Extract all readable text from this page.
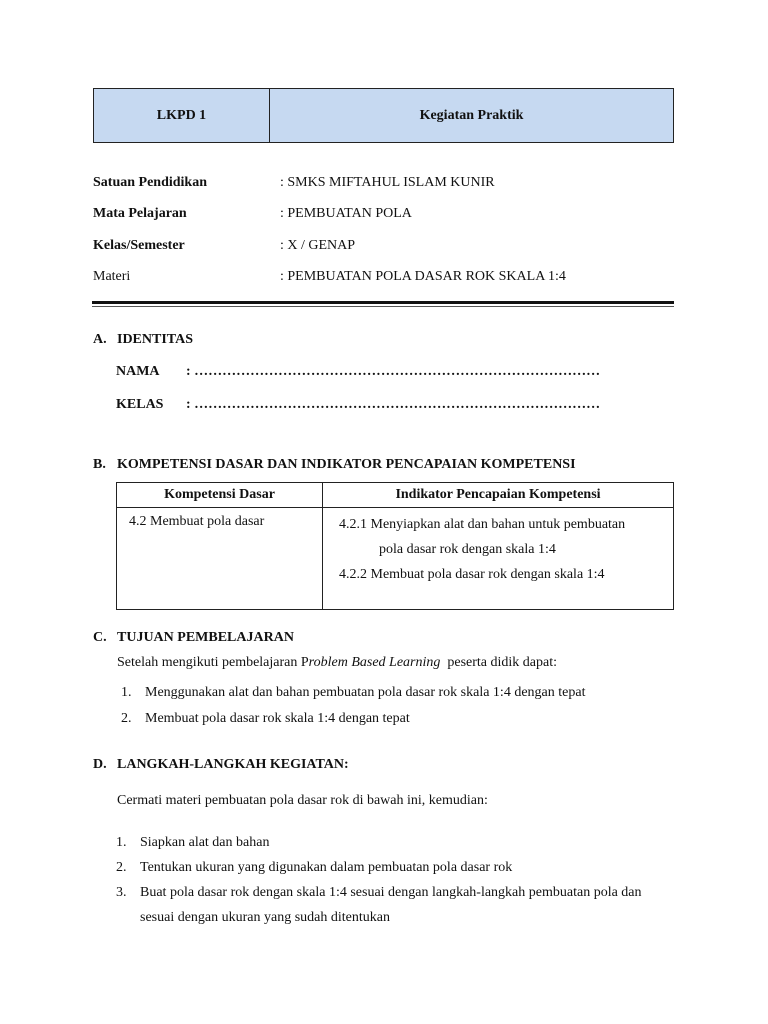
LKPD 1	Kegiatan Praktik
Satuan Pendidikan	: SMKS MIFTAHUL ISLAM KUNIR
Mata Pelajaran	: PEMBUATAN POLA
Kelas/Semester	: X / GENAP
Materi	: PEMBUATAN POLA DASAR ROK SKALA 1:4
A. IDENTITAS
NAMA : ……………………………………………………………………………
KELAS : ……………………………………………………………………………
B. KOMPETENSI DASAR DAN INDIKATOR PENCAPAIAN KOMPETENSI
Kompetensi Dasar	Indikator Pencapaian Kompetensi
4.2 Membuat pola dasar	4.2.1 Menyiapkan alat dan bahan untuk pembuatan
pola dasar rok dengan skala 1:4
4.2.2 Membuat pola dasar rok dengan skala 1:4
C. TUJUAN PEMBELAJARAN
Setelah mengikuti pembelajaran Problem Based Learning  peserta didik dapat:
1. Menggunakan alat dan bahan pembuatan pola dasar rok skala 1:4 dengan tepat
2. Membuat pola dasar rok skala 1:4 dengan tepat
D. LANGKAH-LANGKAH KEGIATAN:
Cermati materi pembuatan pola dasar rok di bawah ini, kemudian:
1. Siapkan alat dan bahan
2. Tentukan ukuran yang digunakan dalam pembuatan pola dasar rok
3. Buat pola dasar rok dengan skala 1:4 sesuai dengan langkah-langkah pembuatan pola dan sesuai dengan ukuran yang sudah ditentukan
